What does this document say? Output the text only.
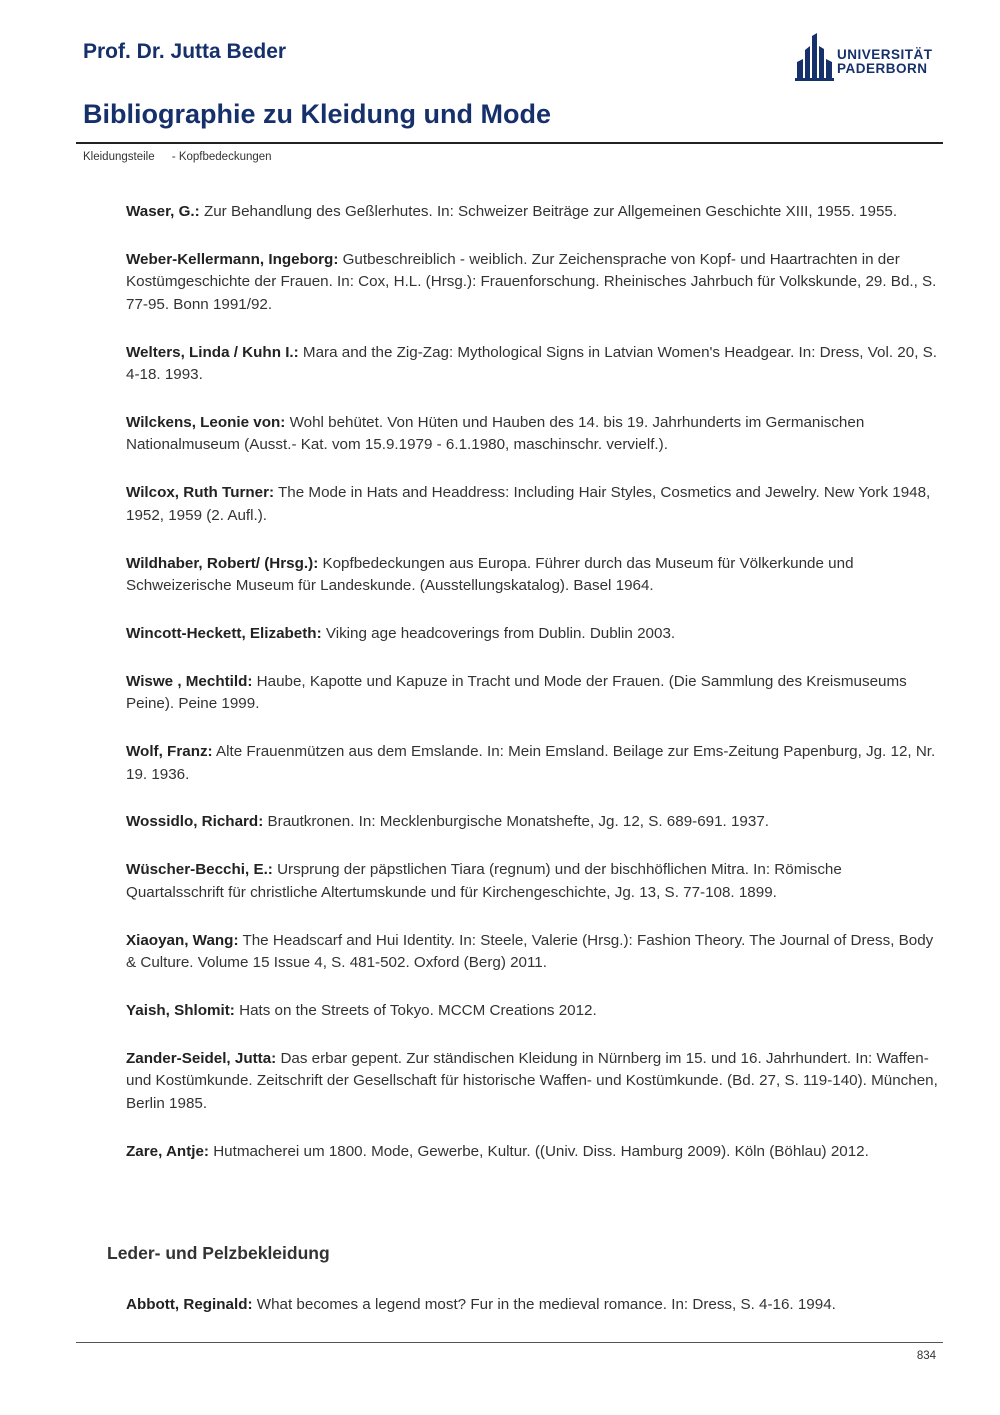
Prof. Dr. Jutta Beder	UNIVERSITÄT
PADERBORN
Bibliographie zu Kleidung und Mode
Kleidungsteile - Kopfbedeckungen

Waser, G.: Zur Behandlung des Geßlerhutes. In: Schweizer Beiträge zur Allgemeinen Geschichte XIII, 1955. 1955.

Weber-Kellermann, Ingeborg: Gutbeschreiblich - weiblich. Zur Zeichensprache von Kopf- und Haartrachten in der Kostümgeschichte der Frauen. In: Cox, H.L. (Hrsg.): Frauenforschung. Rheinisches Jahrbuch für Volkskunde, 29. Bd., S. 77-95. Bonn 1991/92.

Welters, Linda / Kuhn I.: Mara and the Zig-Zag: Mythological Signs in Latvian Women's Headgear. In: Dress, Vol. 20, S. 4-18. 1993.

Wilckens, Leonie von: Wohl behütet. Von Hüten und Hauben des 14. bis 19. Jahrhunderts im Germanischen Nationalmuseum (Ausst.- Kat. vom 15.9.1979 - 6.1.1980, maschinschr. vervielf.).

Wilcox, Ruth Turner: The Mode in Hats and Headdress: Including Hair Styles, Cosmetics and Jewelry. New York 1948, 1952, 1959 (2. Aufl.).

Wildhaber, Robert/ (Hrsg.): Kopfbedeckungen aus Europa. Führer durch das Museum für Völkerkunde und Schweizerische Museum für Landeskunde. (Ausstellungskatalog). Basel 1964.

Wincott-Heckett, Elizabeth: Viking age headcoverings from Dublin. Dublin 2003.

Wiswe , Mechtild: Haube, Kapotte und Kapuze in Tracht und Mode der Frauen. (Die Sammlung des Kreismuseums Peine). Peine 1999.

Wolf, Franz: Alte Frauenmützen aus dem Emslande. In: Mein Emsland. Beilage zur Ems-Zeitung Papenburg, Jg. 12, Nr. 19. 1936.

Wossidlo, Richard: Brautkronen. In: Mecklenburgische Monatshefte, Jg. 12, S. 689-691. 1937.

Wüscher-Becchi, E.: Ursprung der päpstlichen Tiara (regnum) und der bischhöflichen Mitra. In: Römische Quartalsschrift für christliche Altertumskunde und für Kirchengeschichte, Jg. 13, S. 77-108. 1899.

Xiaoyan, Wang: The Headscarf and Hui Identity. In: Steele, Valerie (Hrsg.): Fashion Theory. The Journal of Dress, Body & Culture. Volume 15 Issue 4, S. 481-502. Oxford (Berg) 2011.

Yaish, Shlomit: Hats on the Streets of Tokyo. MCCM Creations 2012.

Zander-Seidel, Jutta: Das erbar gepent. Zur ständischen Kleidung in Nürnberg im 15. und 16. Jahrhundert. In: Waffen- und Kostümkunde. Zeitschrift der Gesellschaft für historische Waffen- und Kostümkunde. (Bd. 27, S. 119-140). München, Berlin 1985.

Zare, Antje: Hutmacherei um 1800. Mode, Gewerbe, Kultur. ((Univ. Diss. Hamburg 2009). Köln (Böhlau) 2012.

Leder- und Pelzbekleidung

Abbott, Reginald: What becomes a legend most? Fur in the medieval romance. In: Dress, S. 4-16. 1994.

834
